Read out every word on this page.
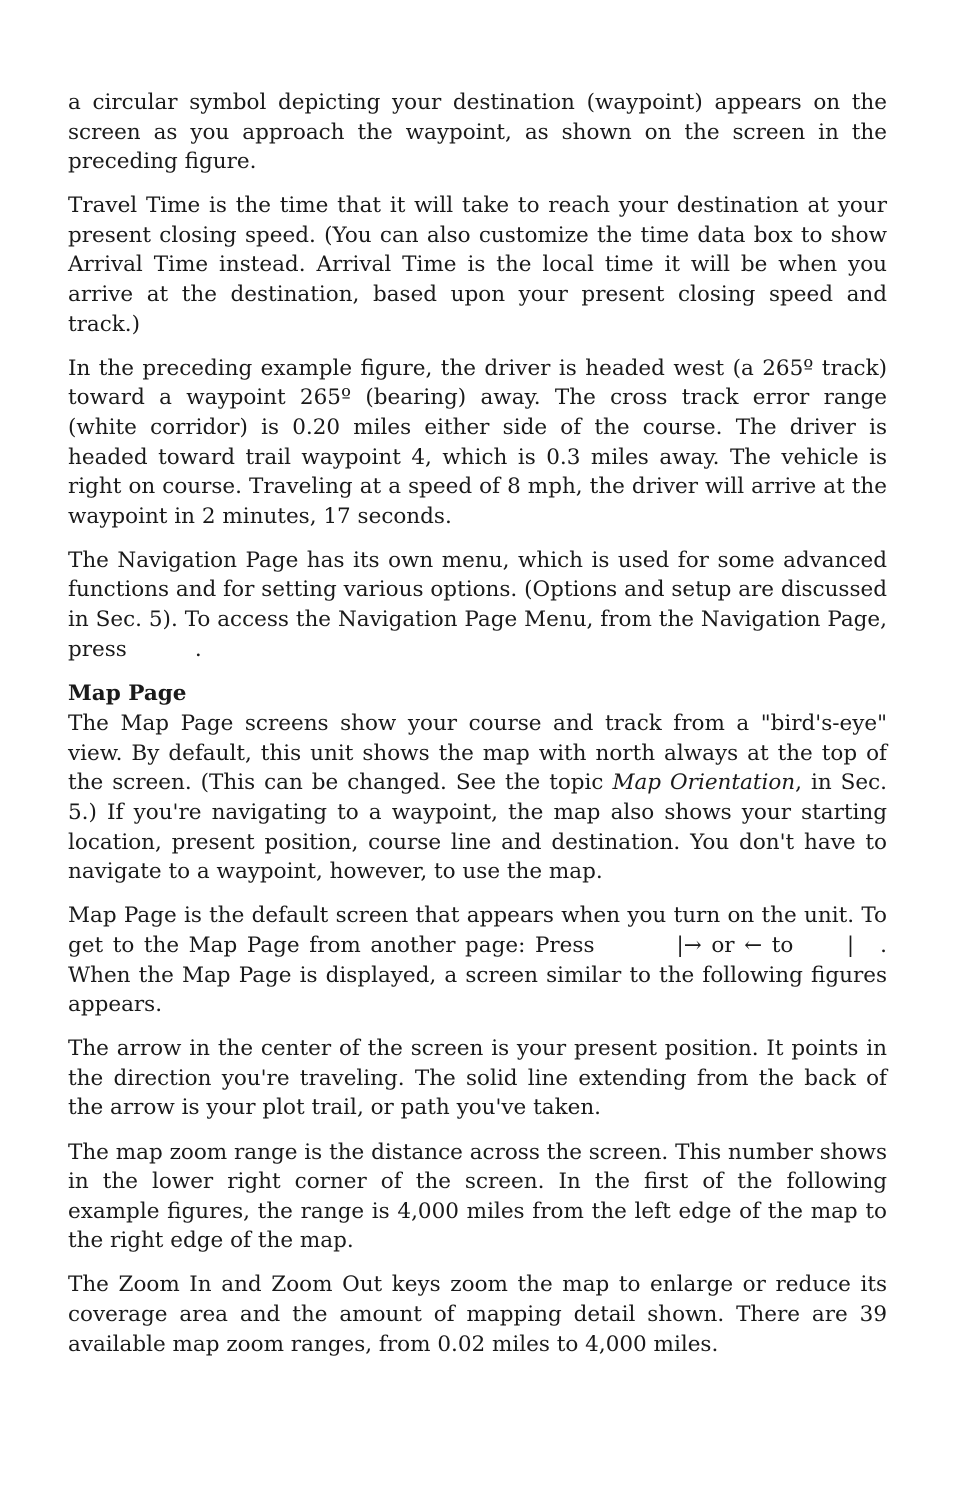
a circular symbol depicting your destination (waypoint) appears on the screen as you approach the waypoint, as shown on the screen in the preceding figure.

Travel Time is the time that it will take to reach your destination at your present closing speed. (You can also customize the time data box to show Arrival Time instead. Arrival Time is the local time it will be when you arrive at the destination, based upon your present closing speed and track.)

In the preceding example figure, the driver is headed west (a 265º track) toward a waypoint 265º (bearing) away. The cross track error range (white corridor) is 0.20 miles either side of the course. The driver is headed toward trail waypoint 4, which is 0.3 miles away. The vehicle is right on course. Traveling at a speed of 8 mph, the driver will arrive at the waypoint in 2 minutes, 17 seconds.

The Navigation Page has its own menu, which is used for some advanced functions and for setting various options. (Options and setup are discussed in Sec. 5). To access the Navigation Page Menu, from the Navigation Page, press	.

Map Page

The Map Page screens show your course and track from a "bird's-eye" view. By default, this unit shows the map with north always at the top of the screen. (This can be changed. See the topic Map Orientation, in Sec. 5.) If you're navigating to a waypoint, the map also shows your starting location, present position, course line and destination. You don't have to navigate to a waypoint, however, to use the map.

Map Page is the default screen that appears when you turn on the unit. To get to the Map Page from another page: Press	|→ or ← to | . When the Map Page is displayed, a screen similar to the following figures appears.

The arrow in the center of the screen is your present position. It points in the direction you're traveling. The solid line extending from the back of the arrow is your plot trail, or path you've taken.

The map zoom range is the distance across the screen. This number shows in the lower right corner of the screen. In the first of the following example figures, the range is 4,000 miles from the left edge of the map to the right edge of the map.

The Zoom In and Zoom Out keys zoom the map to enlarge or reduce its coverage area and the amount of mapping detail shown. There are 39 available map zoom ranges, from 0.02 miles to 4,000 miles.
